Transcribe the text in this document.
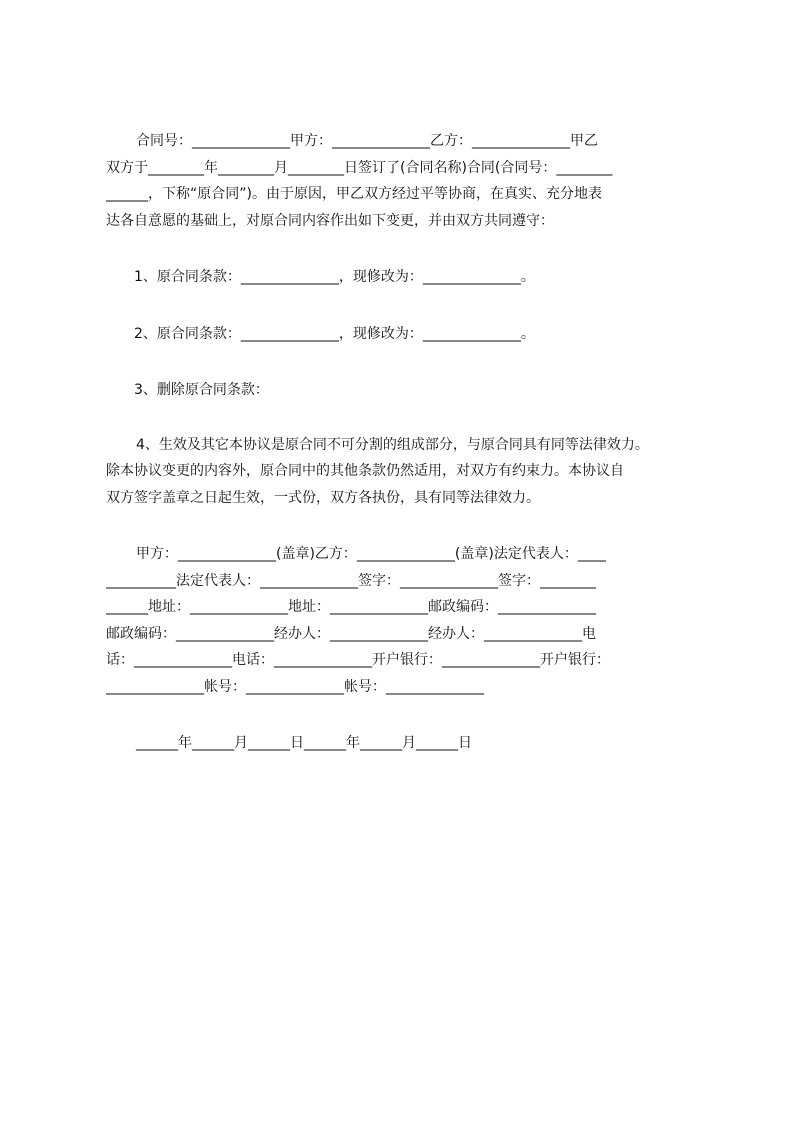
合同号：______________甲方：______________乙方：______________甲乙
双方于________年________月________日签订了(合同名称)合同(合同号：________
______，下称“原合同”)。由于原因，甲乙双方经过平等协商，在真实、充分地表
达各自意愿的基础上，对原合同内容作出如下变更，并由双方共同遵守：
1、原合同条款：______________，现修改为：______________。
2、原合同条款：______________，现修改为：______________。
3、删除原合同条款：
4、生效及其它本协议是原合同不可分割的组成部分，与原合同具有同等法律效力。
除本协议变更的内容外，原合同中的其他条款仍然适用，对双方有约束力。本协议自
双方签字盖章之日起生效，一式份，双方各执份，具有同等法律效力。
甲方：______________(盖章)乙方：______________(盖章)法定代表人：____
__________法定代表人：______________签字：______________签字：________
______地址：______________地址：______________邮政编码：______________
邮政编码：______________经办人：______________经办人：______________电
话：______________电话：______________开户银行：______________开户银行：
______________帐号：______________帐号：______________
______年______月______日______年______月______日
